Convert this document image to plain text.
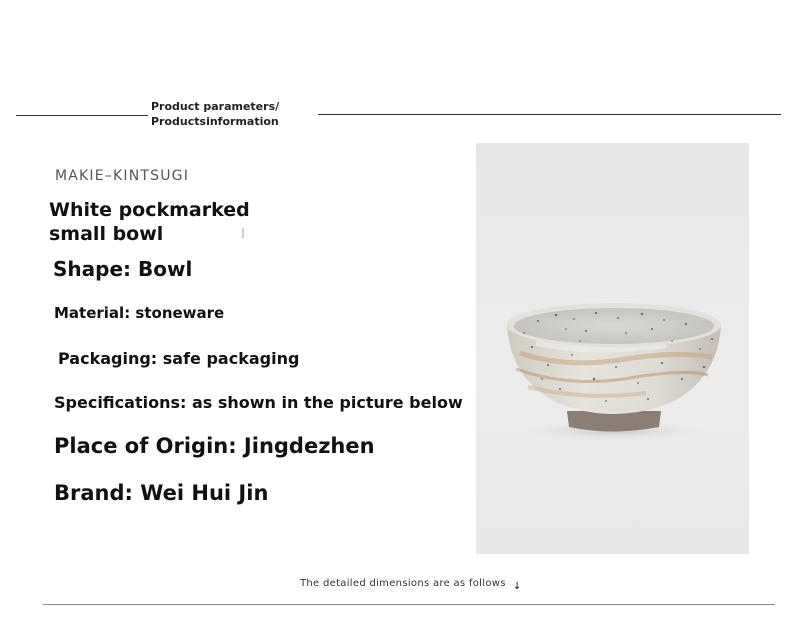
Product parameters/
Productsinformation
MAKIE–KINTSUGI
White pockmarked
small bowl
Shape: Bowl
Material: stoneware
Packaging: safe packaging
Specifications: as shown in the picture below
Place of Origin: Jingdezhen
Brand: Wei Hui Jin
The detailed dimensions are as follows ↓
